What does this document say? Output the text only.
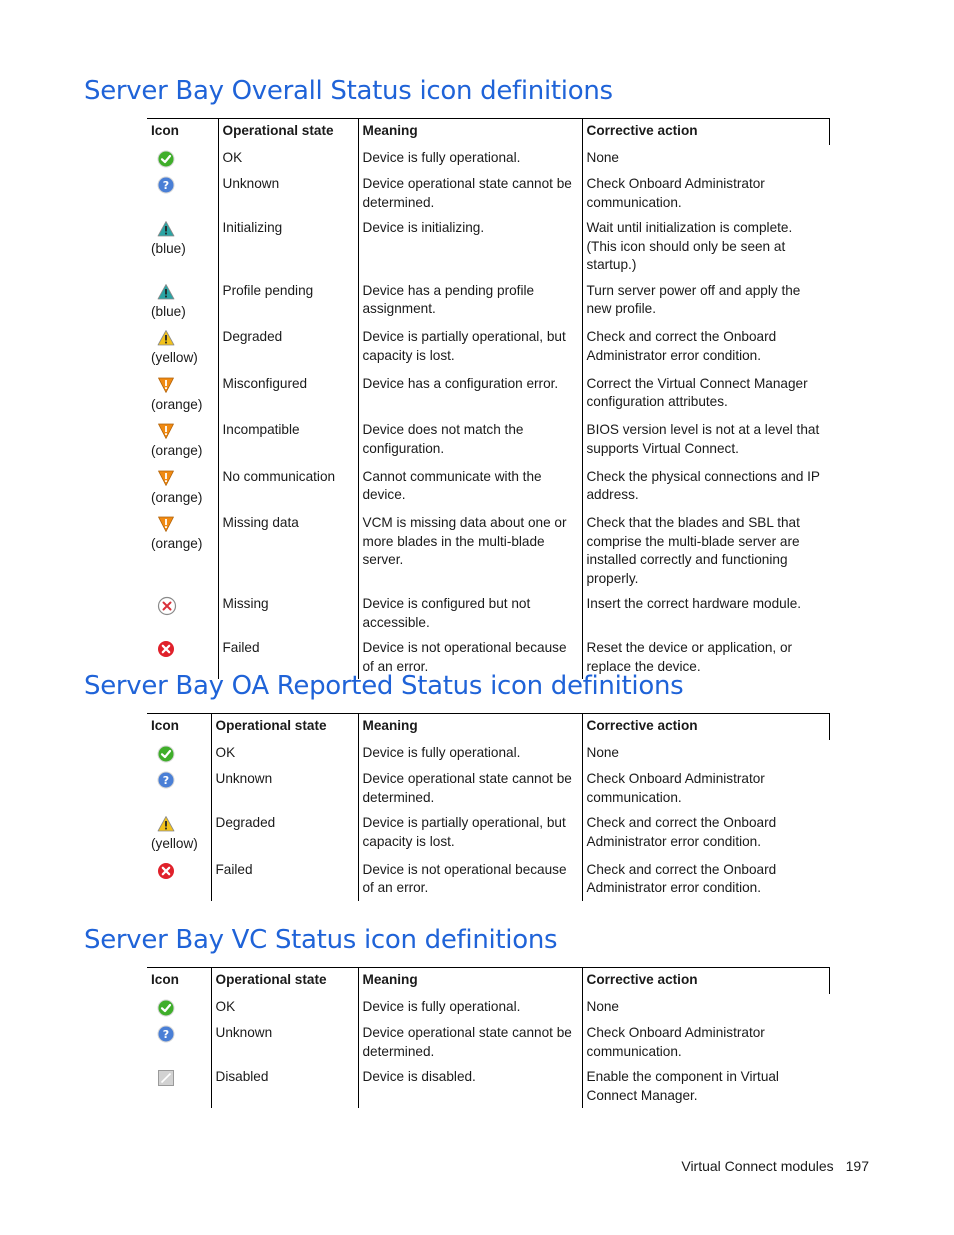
Server Bay Overall Status icon definitions
Icon	Operational state	Meaning	Corrective action

	OK	Device is fully operational.	None

?	Unknown	Device operational state cannot be determined.	Check Onboard Administrator communication.

(blue)	Initializing	Device is initializing.	Wait until initialization is complete. (This icon should only be seen at startup.)

(blue)	Profile pending	Device has a pending profile assignment.	Turn server power off and apply the new profile.

(yellow)	Degraded	Device is partially operational, but capacity is lost.	Check and correct the Onboard Administrator error condition.

(orange)	Misconfigured	Device has a configuration error.	Correct the Virtual Connect Manager configuration attributes.

(orange)	Incompatible	Device does not match the configuration.	BIOS version level is not at a level that supports Virtual Connect.

(orange)	No communication	Cannot communicate with the device.	Check the physical connections and IP address.

(orange)	Missing data	VCM is missing data about one or more blades in the multi-blade server.	Check that the blades and SBL that comprise the multi-blade server are installed correctly and functioning properly.

	Missing	Device is configured but not accessible.	Insert the correct hardware module.

	Failed	Device is not operational because of an error.	Reset the device or application, or replace the device.
Server Bay OA Reported Status icon definitions
Icon	Operational state	Meaning	Corrective action

	OK	Device is fully operational.	None

?	Unknown	Device operational state cannot be determined.	Check Onboard Administrator communication.

(yellow)	Degraded	Device is partially operational, but capacity is lost.	Check and correct the Onboard Administrator error condition.

	Failed	Device is not operational because of an error.	Check and correct the Onboard Administrator error condition.
Server Bay VC Status icon definitions
Icon	Operational state	Meaning	Corrective action

	OK	Device is fully operational.	None

?	Unknown	Device operational state cannot be determined.	Check Onboard Administrator communication.

	Disabled	Device is disabled.	Enable the component in Virtual Connect Manager.
Virtual Connect modules 197
